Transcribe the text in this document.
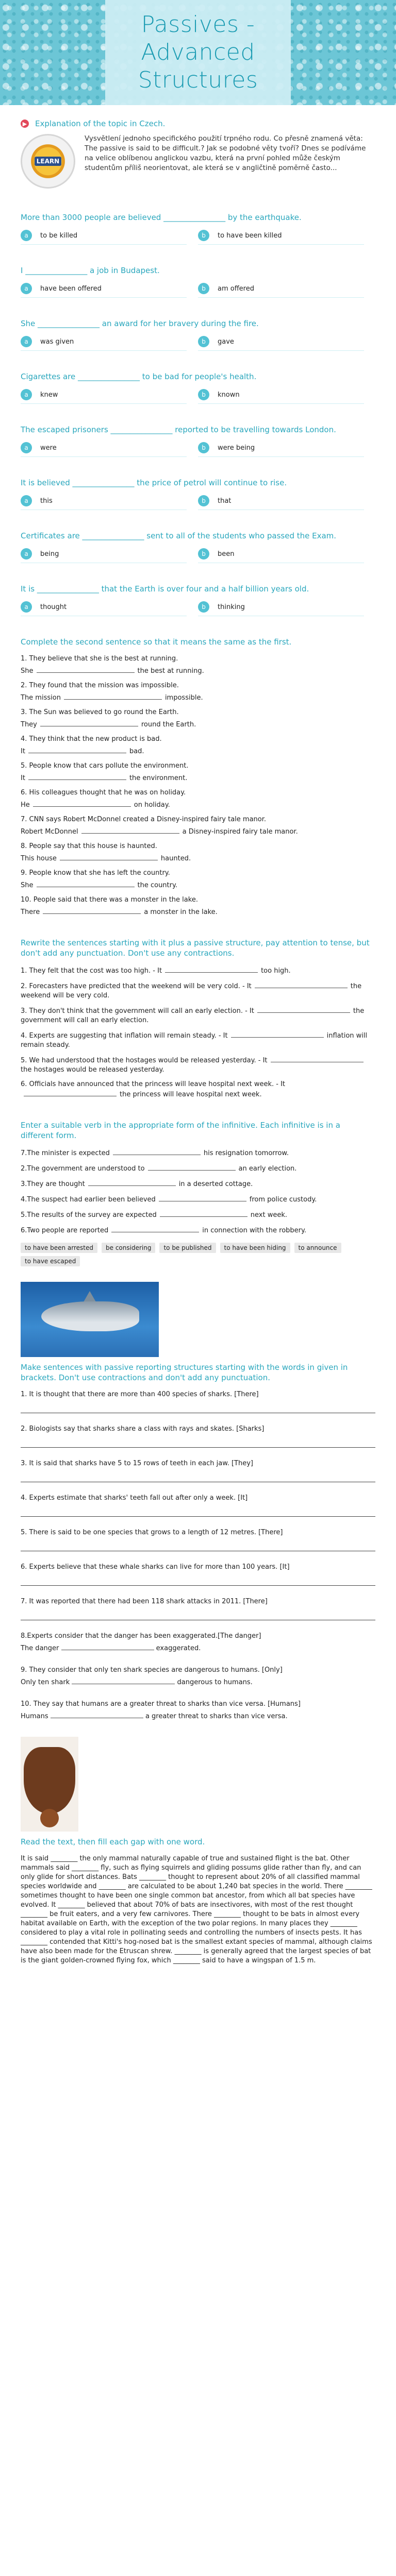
Passives -
Advanced
Structures
▶ Explanation of the topic in Czech.
LEARN
Vysvětlení jednoho specifického použití trpného rodu. Co přesně znamená věta: The passive is said to be difficult.? Jak se podobné věty tvoří? Dnes se podíváme na velice oblíbenou anglickou vazbu, která na první pohled může českým studentům příliš neorientovat, ale která se v angličtině poměrně často...
More than 3000 people are believed ________________ by the earthquake.
a	to be killed	b	to have been killed
I ________________ a job in Budapest.
a	have been offered	b	am offered
She ________________ an award for her bravery during the fire.
a	was given	b	gave
Cigarettes are ________________ to be bad for people's health.
a	knew	b	known
The escaped prisoners ________________ reported to be travelling towards London.
a	were	b	were being
It is believed ________________ the price of petrol will continue to rise.
a	this	b	that
Certificates are ________________ sent to all of the students who passed the Exam.
a	being	b	been
It is ________________ that the Earth is over four and a half billion years old.
a	thought	b	thinking
Complete the second sentence so that it means the same as the first.
1. They believe that she is the best at running.
She	the best at running.
2. They found that the mission was impossible.
The mission	impossible.
3. The Sun was believed to go round the Earth.
They	round the Earth.
4. They think that the new product is bad.
It	bad.
5. People know that cars pollute the environment.
It	the environment.
6. His colleagues thought that he was on holiday.
He	on holiday.
7. CNN says Robert McDonnel created a Disney-inspired fairy tale manor.
Robert McDonnel	a Disney-inspired fairy tale manor.
8. People say that this house is haunted.
This house	haunted.
9. People know that she has left the country.
She	the country.
10. People said that there was a monster in the lake.
There	a monster in the lake.
Rewrite the sentences starting with it plus a passive structure, pay attention to tense, but don't add any punctuation. Don't use any contractions.
1. They felt that the cost was too high. - It	too high.
2. Forecasters have predicted that the weekend will be very cold. - It	the weekend will be very cold.
3. They don't think that the government will call an early election. - It	the government will call an early election.
4. Experts are suggesting that inflation will remain steady. - It	inflation will remain steady.
5. We had understood that the hostages would be released yesterday. - Itthe hostages would be released yesterday.
6. Officials have announced that the princess will leave hospital next week. - Itthe princess will leave hospital next week.
Enter a suitable verb in the appropriate form of the infinitive. Each infinitive is in a different form.
7.The minister is expected	his resignation tomorrow.
2.The government are understood to	an early election.
3.They are thought	in a deserted cottage.
4.The suspect had earlier been believed	from police custody.
5.The results of the survey are expected	next week.
6.Two people are reported	in connection with the robbery.
to have been arrested	be considering	to be published	to have been hiding	to announce
to have escaped
Make sentences with passive reporting structures starting with the words in given in brackets. Don't use contractions and don't add any punctuation.
1. It is thought that there are more than 400 species of sharks. [There]
2. Biologists say that sharks share a class with rays and skates. [Sharks]
3. It is said that sharks have 5 to 15 rows of teeth in each jaw. [They]
4. Experts estimate that sharks' teeth fall out after only a week. [It]
5. There is said to be one species that grows to a length of 12 metres. [There]
6. Experts believe that these whale sharks can live for more than 100 years. [It]
7. It was reported that there had been 118 shark attacks in 2011. [There]
8.Experts consider that the danger has been exaggerated.[The danger]
The danger	exaggerated.
9. They consider that only ten shark species are dangerous to humans. [Only]
Only ten shark	dangerous to humans.
10. They say that humans are a greater threat to sharks than vice versa. [Humans]
Humans	a greater threat to sharks than vice versa.
Read the text, then fill each gap with one word.
It is said ________ the only mammal naturally capable of true and sustained flight is the bat. Other mammals said ________ fly, such as flying squirrels and gliding possums glide rather than fly, and can only glide for short distances. Bats ________ thought to represent about 20% of all classified mammal species worldwide and ________ are calculated to be about 1,240 bat species in the world. There ________ sometimes thought to have been one single common bat ancestor, from which all bat species have evolved. It ________ believed that about 70% of bats are insectivores, with most of the rest thought ________ be fruit eaters, and a very few carnivores. There ________ thought to be bats in almost every habitat available on Earth, with the exception of the two polar regions. In many places they ________ considered to play a vital role in pollinating seeds and controlling the numbers of insects pests. It has ________ contended that Kitti's hog-nosed bat is the smallest extant species of mammal, although claims have also been made for the Etruscan shrew. ________ is generally agreed that the largest species of bat is the giant golden-crowned flying fox, which ________ said to have a wingspan of 1.5 m.
